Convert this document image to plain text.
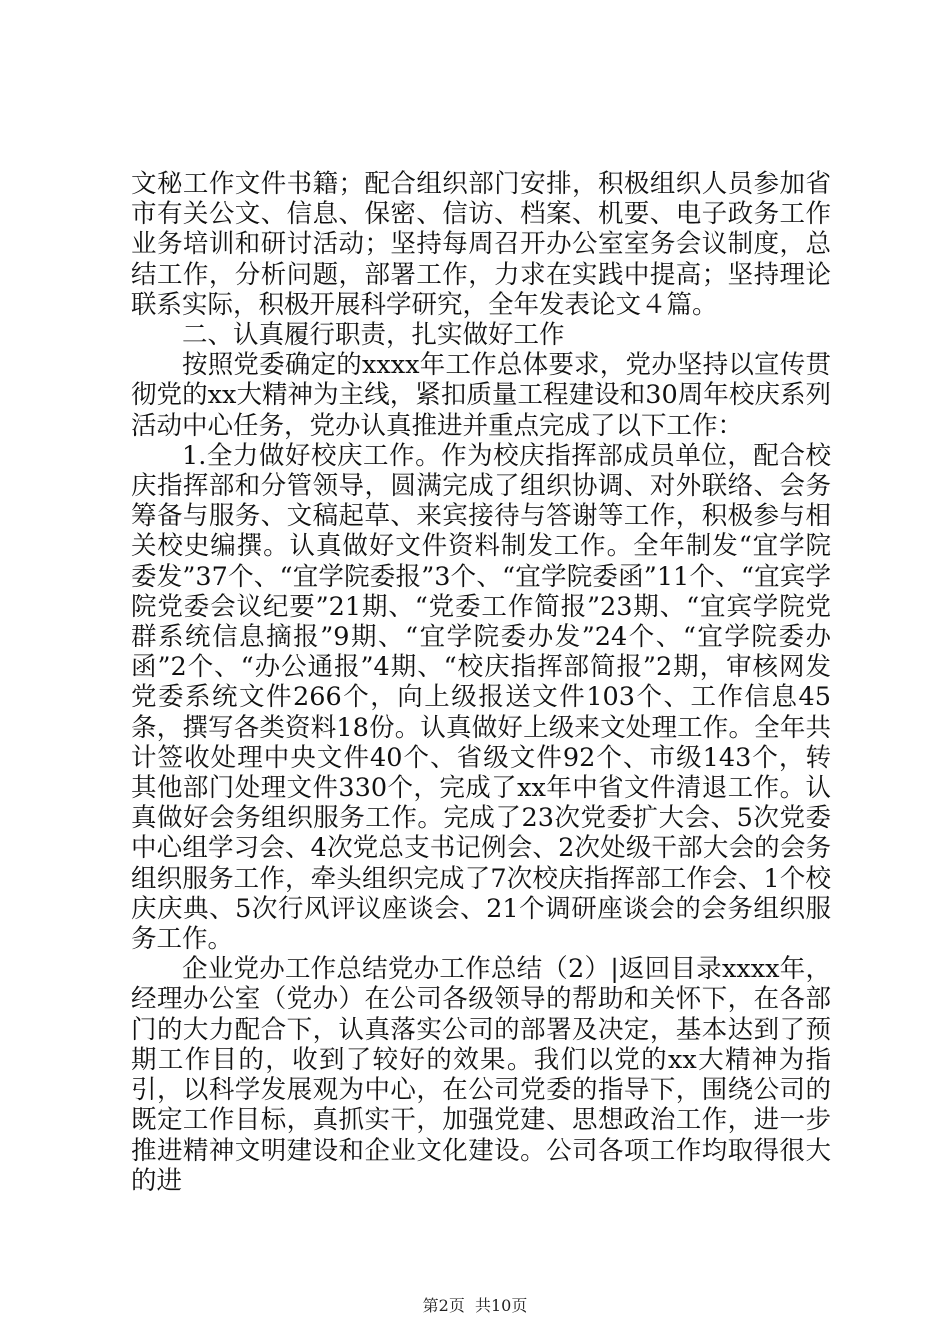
文秘工作文件书籍；配合组织部门安排，积极组织人员参加省市有关公文、信息、保密、信访、档案、机要、电子政务工作业务培训和研讨活动；坚持每周召开办公室室务会议制度，总结工作，分析问题，部署工作，力求在实践中提高；坚持理论联系实际，积极开展科学研究，全年发表论文４篇。

二、认真履行职责，扎实做好工作

按照党委确定的xxxx年工作总体要求，党办坚持以宣传贯彻党的xx大精神为主线，紧扣质量工程建设和30周年校庆系列活动中心任务，党办认真推进并重点完成了以下工作：

1.全力做好校庆工作。作为校庆指挥部成员单位，配合校庆指挥部和分管领导，圆满完成了组织协调、对外联络、会务筹备与服务、文稿起草、来宾接待与答谢等工作，积极参与相关校史编撰。认真做好文件资料制发工作。全年制发“宜学院委发”37个、“宜学院委报”3个、“宜学院委函”11个、“宜宾学院党委会议纪要”21期、“党委工作简报”23期、“宜宾学院党群系统信息摘报”9期、“宜学院委办发”24个、“宜学院委办函”2个、“办公通报”4期、“校庆指挥部简报”2期，审核网发党委系统文件266个，向上级报送文件103个、工作信息45条，撰写各类资料18份。认真做好上级来文处理工作。全年共计签收处理中央文件40个、省级文件92个、市级143个，转其他部门处理文件330个，完成了xx年中省文件清退工作。认真做好会务组织服务工作。完成了23次党委扩大会、5次党委中心组学习会、4次党总支书记例会、2次处级干部大会的会务组织服务工作，牵头组织完成了7次校庆指挥部工作会、1个校庆庆典、5次行风评议座谈会、21个调研座谈会的会务组织服务工作。

企业党办工作总结党办工作总结（2）|返回目录xxxx年，经理办公室（党办）在公司各级领导的帮助和关怀下，在各部门的大力配合下，认真落实公司的部署及决定，基本达到了预期工作目的，收到了较好的效果。我们以党的xx大精神为指引，以科学发展观为中心，在公司党委的指导下，围绕公司的既定工作目标，真抓实干，加强党建、思想政治工作，进一步推进精神文明建设和企业文化建设。公司各项工作均取得很大的进

第2页  共10页
